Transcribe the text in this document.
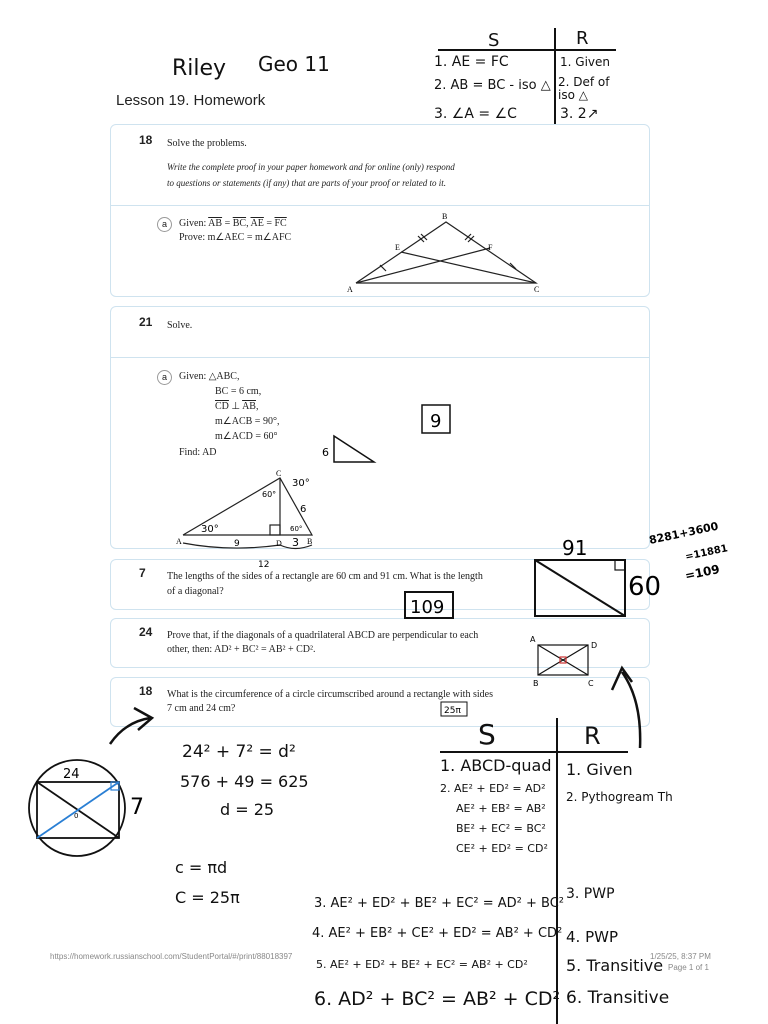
Riley Geo 11
Lesson 19. Homework
S	R
1. AE = FC	1. Given
2. AB = BC - iso △ 2. Def of iso △
3. ∠A = ∠C	3. 2↗
18 Solve the problems.
Write the complete proof in your paper homework and for online (only) respond
to questions or statements (if any) that are parts of your proof or related to it.
a	Given: $\overline{AB} = \overline{BC}$, $\overline{AE} = \overline{FC}$
Prove: m∠AEC = m∠AFC
21 Solve.
a	Given: △ABC,
BC = 6 cm,
$\overline{CD}$ ⊥ $\overline{AB}$,
m∠ACB = 90°,
m∠ACD = 60°
Find: AD
7 The lengths of the sides of a rectangle are 60 cm and 91 cm. What is the length
of a diagonal?
24 Prove that, if the diagonals of a quadrilateral ABCD are perpendicular to each
other, then: AD² + BC² = AB² + CD².
18 What is the circumference of a circle circumscribed around a rectangle with sides
7 cm and 24 cm?
B
E	F
A	C
9
6
C
A	D	B
30°
60°
30°
60°
6
9	3
12
91
60
8281+3600
=11881
=109
109
A
D
B	C
25π
24
7
0
24² + 7² = d²
576 + 49 = 625
d = 25
c = πd
C = 25π
S	R
1. ABCD-quad 1. Given
2. AE² + ED² = AD²
2. Pythogream Th
AE² + EB² = AB²
BE² + EC² = BC²
CE² + ED² = CD²
3. AE² + ED² + BE² + EC² = AD² + BC²
3. PWP
4. AE² + EB² + CE² + ED² = AB² + CD² 4. PWP
5. AE² + ED² + BE² + EC² = AB² + CD² 5. Transitive
6. AD² + BC² = AB² + CD² 6. Transitive
https://homework.russianschool.com/StudentPortal/#/print/88018397	1/25/25, 8:37 PM
Page 1 of 1
